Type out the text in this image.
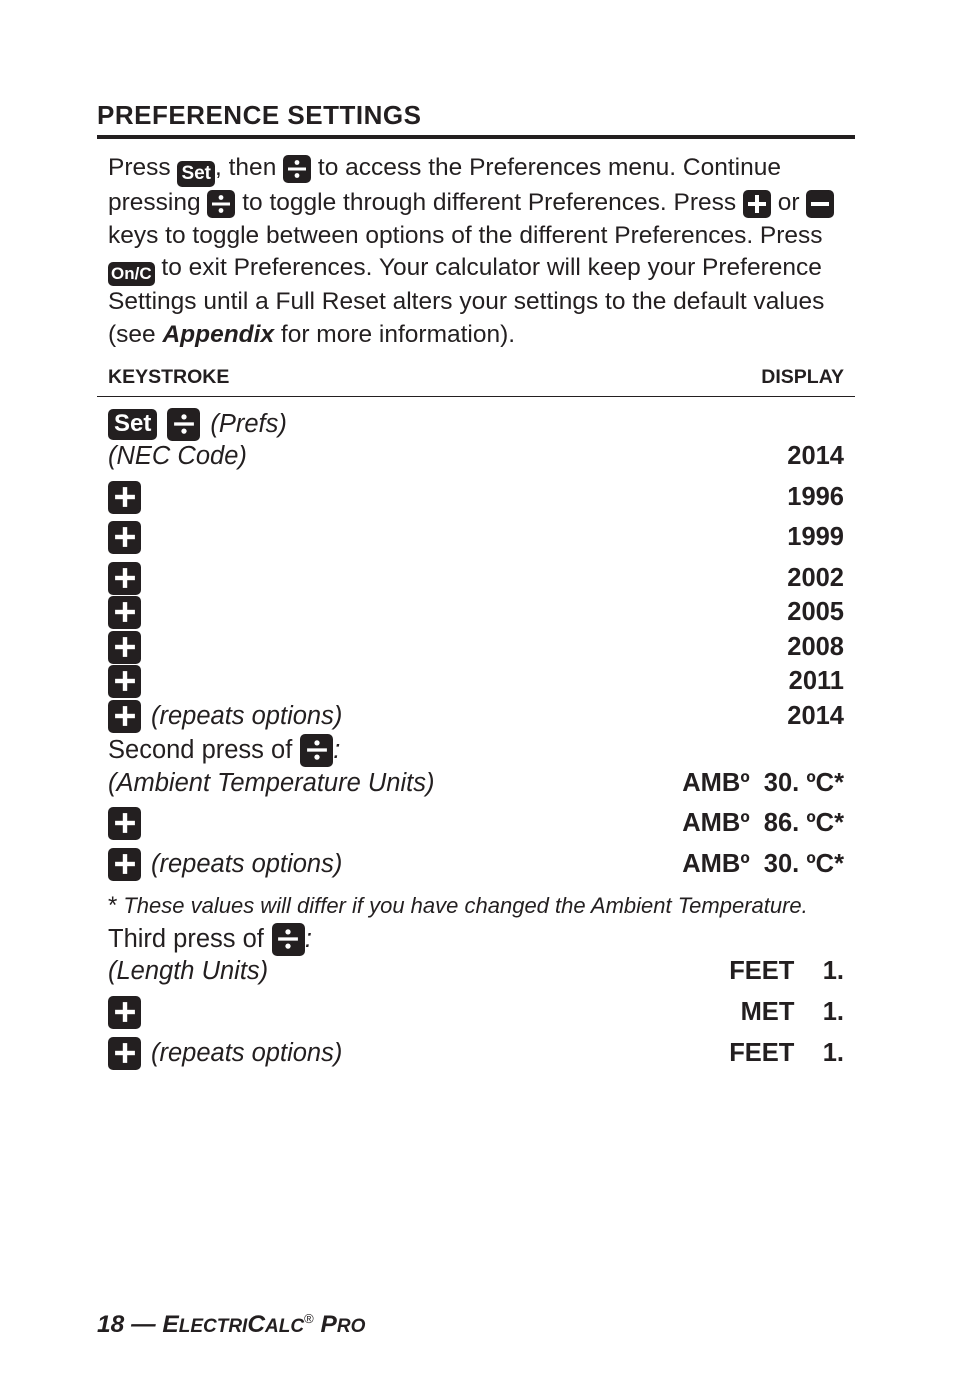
PREFERENCE SETTINGS
Press Set , then
to access the Preferences menu. Continue pressing
to toggle through different Preferences. Press
or
keys to toggle between options of the different Preferences. Press On/C to exit Preferences. Your calculator will keep your Preference Settings until a Full Reset alters your settings to the default values (see Appendix for more information).
KEYSTROKE	DISPLAY
Set (Prefs)
(NEC Code)	2014
1996
1999
2002
2005
2008
2011
(repeats options)	2014
Second press of :
(Ambient Temperature Units)	AMBº  30. ºC*
AMBº  86. ºC*
(repeats options)	AMBº  30. ºC*
Third press of :
(Length Units)	FEET    1.
MET    1.
(repeats options)	FEET    1.
* These values will differ if you have changed the Ambient Temperature.
18 — ELECTRICALC® PRO
